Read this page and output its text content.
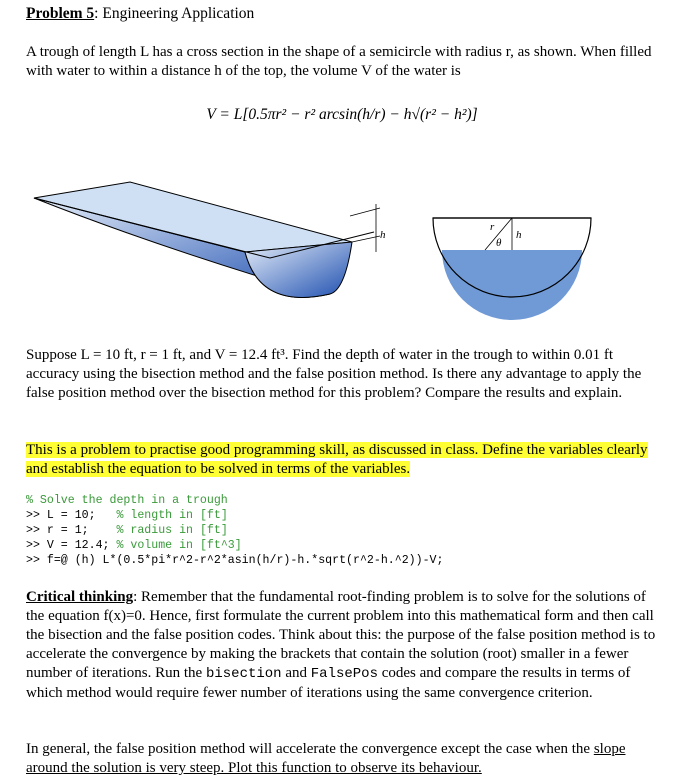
Problem 5: Engineering Application
A trough of length L has a cross section in the shape of a semicircle with radius r, as shown. When filled with water to within a distance h of the top, the volume V of the water is
V = L[0.5πr² − r² arcsin(h/r) − h√(r² − h²)]
h
r
θ
h
Suppose L = 10 ft, r = 1 ft, and V = 12.4 ft³. Find the depth of water in the trough to within 0.01 ft accuracy using the bisection method and the false position method. Is there any advantage to apply the false position method over the bisection method for this problem? Compare the results and explain.
This is a problem to practise good programming skill, as discussed in class. Define the variables clearly and establish the equation to be solved in terms of the variables.
% Solve the depth in a trough
>> L = 10;   % length in [ft]
>> r = 1;    % radius in [ft]
>> V = 12.4; % volume in [ft^3]
>> f=@ (h) L*(0.5*pi*r^2-r^2*asin(h/r)-h.*sqrt(r^2-h.^2))-V;
Critical thinking: Remember that the fundamental root-finding problem is to solve for the solutions of the equation f(x)=0. Hence, first formulate the current problem into this mathematical form and then call the bisection and the false position codes. Think about this: the purpose of the false position method is to accelerate the convergence by making the brackets that contain the solution (root) smaller in a fewer number of iterations. Run the bisection and FalsePos codes and compare the results in terms of which method would require fewer number of iterations using the same convergence criterion.
In general, the false position method will accelerate the convergence except the case when the slope around the solution is very steep. Plot this function to observe its behaviour.
